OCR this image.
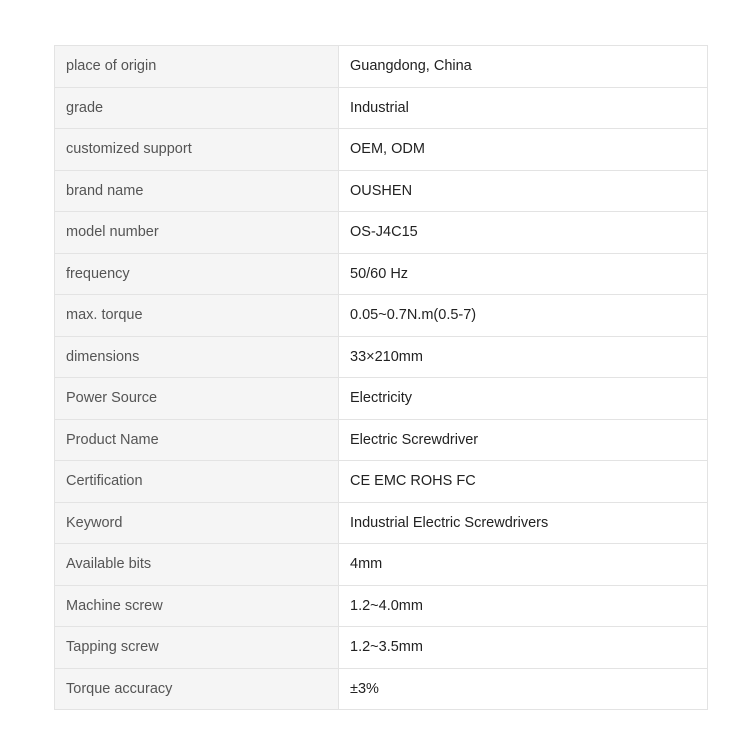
place of origin	Guangdong, China
grade	Industrial
customized support	OEM, ODM
brand name	OUSHEN
model number	OS-J4C15
frequency	50/60 Hz
max. torque	0.05~0.7N.m(0.5-7)
dimensions	33×210mm
Power Source	Electricity
Product Name	Electric Screwdriver
Certification	CE EMC ROHS FC
Keyword	Industrial Electric Screwdrivers
Available bits	4mm
Machine screw	1.2~4.0mm
Tapping screw	1.2~3.5mm
Torque accuracy	±3%
